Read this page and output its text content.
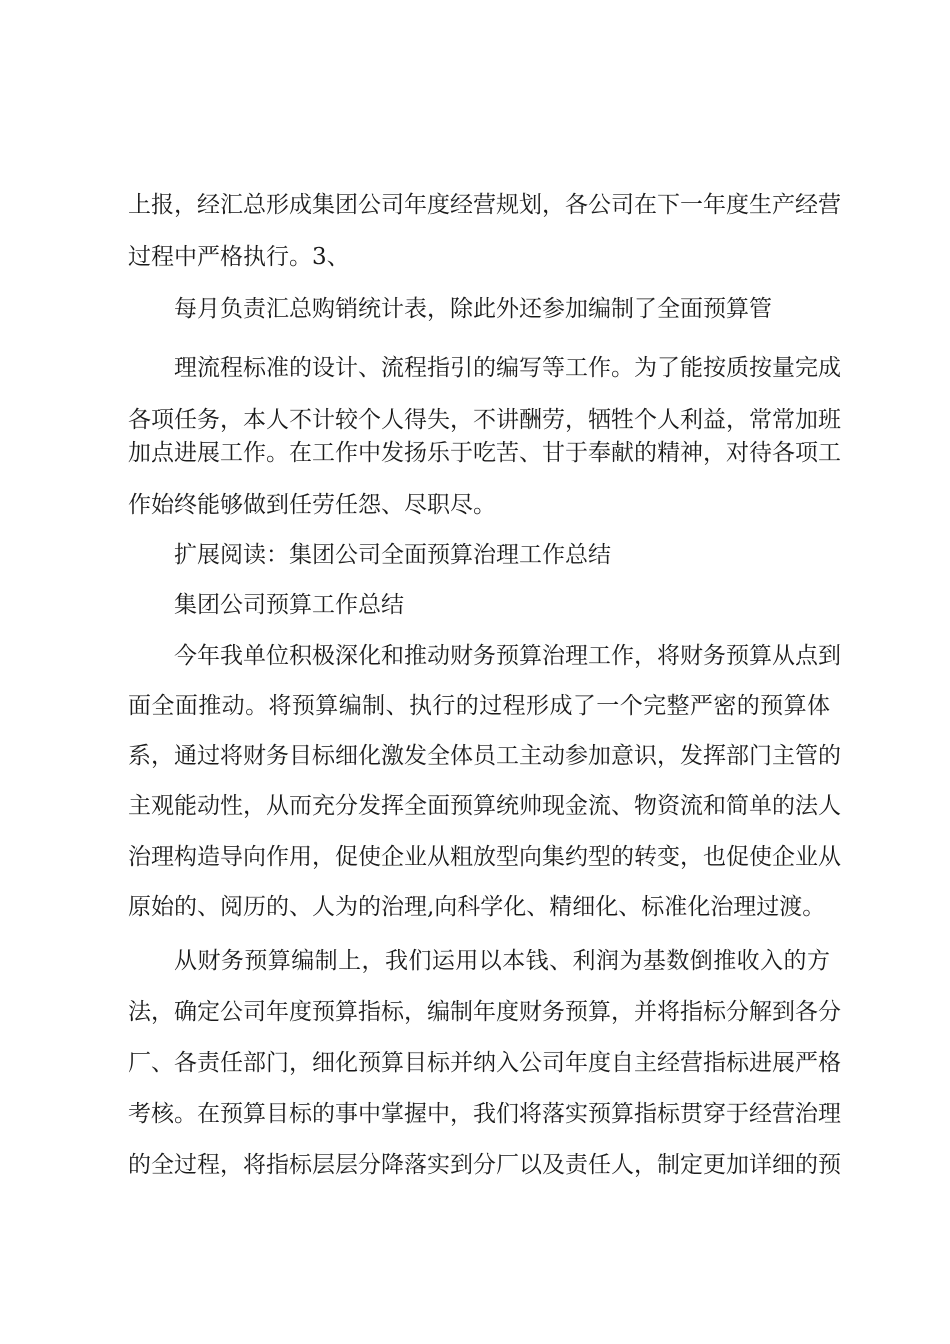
上报，经汇总形成集团公司年度经营规划，各公司在下一年度生产经营

过程中严格执行。3、

每月负责汇总购销统计表，除此外还参加编制了全面预算管

理流程标准的设计、流程指引的编写等工作。为了能按质按量完成

各项任务，本人不计较个人得失，不讲酬劳，牺牲个人利益，常常加班

加点进展工作。在工作中发扬乐于吃苦、甘于奉献的精神，对待各项工

作始终能够做到任劳任怨、尽职尽。

扩展阅读：集团公司全面预算治理工作总结

集团公司预算工作总结

今年我单位积极深化和推动财务预算治理工作，将财务预算从点到

面全面推动。将预算编制、执行的过程形成了一个完整严密的预算体

系，通过将财务目标细化激发全体员工主动参加意识，发挥部门主管的

主观能动性，从而充分发挥全面预算统帅现金流、物资流和简单的法人

治理构造导向作用，促使企业从粗放型向集约型的转变，也促使企业从

原始的、阅历的、人为的治理,向科学化、精细化、标准化治理过渡。

从财务预算编制上，我们运用以本钱、利润为基数倒推收入的方

法，确定公司年度预算指标，编制年度财务预算，并将指标分解到各分

厂、各责任部门，细化预算目标并纳入公司年度自主经营指标进展严格

考核。在预算目标的事中掌握中，我们将落实预算指标贯穿于经营治理

的全过程，将指标层层分降落实到分厂以及责任人，制定更加详细的预
